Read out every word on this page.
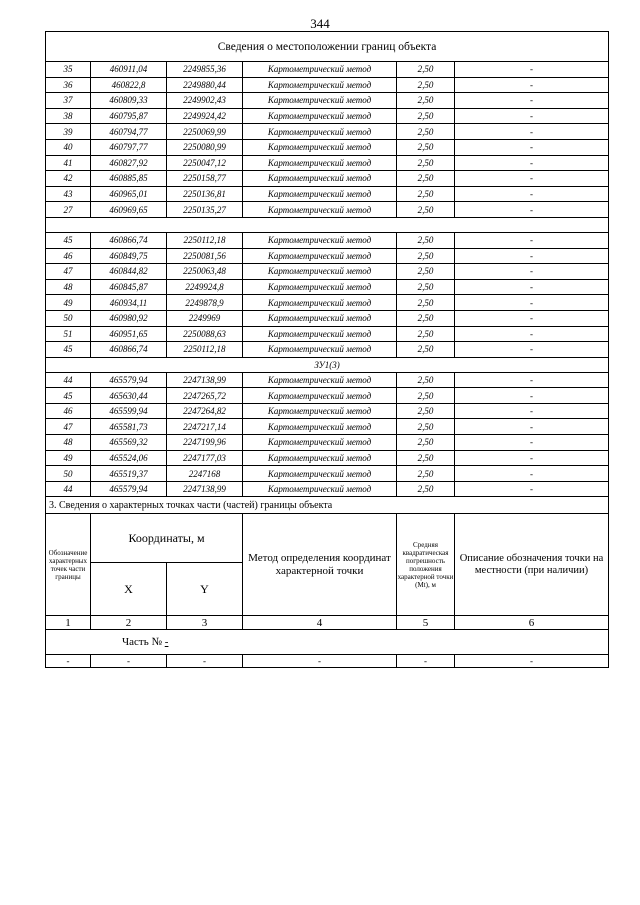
344
Сведения о местоположении границ объекта					
35	460911,04	2249855,36	Картометрический метод	2,50	-
36	460822,8	2249880,44	Картометрический метод	2,50	-
37	460809,33	2249902,43	Картометрический метод	2,50	-
38	460795,87	2249924,42	Картометрический метод	2,50	-
39	460794,77	2250069,99	Картометрический метод	2,50	-
40	460797,77	2250080,99	Картометрический метод	2,50	-
41	460827,92	2250047,12	Картометрический метод	2,50	-
42	460885,85	2250158,77	Картометрический метод	2,50	-
43	460965,01	2250136,81	Картометрический метод	2,50	-
27	460969,65	2250135,27	Картометрический метод	2,50	-

45	460866,74	2250112,18	Картометрический метод	2,50	-
46	460849,75	2250081,56	Картометрический метод	2,50	-
47	460844,82	2250063,48	Картометрический метод	2,50	-
48	460845,87	2249924,8	Картометрический метод	2,50	-
49	460934,11	2249878,9	Картометрический метод	2,50	-
50	460980,92	2249969	Картометрический метод	2,50	-
51	460951,65	2250088,63	Картометрический метод	2,50	-
45	460866,74	2250112,18	Картометрический метод	2,50	-
ЗУ1(3)					
44	465579,94	2247138,99	Картометрический метод	2,50	-
45	465630,44	2247265,72	Картометрический метод	2,50	-
46	465599,94	2247264,82	Картометрический метод	2,50	-
47	465581,73	2247217,14	Картометрический метод	2,50	-
48	465569,32	2247199,96	Картометрический метод	2,50	-
49	465524,06	2247177,03	Картометрический метод	2,50	-
50	465519,37	2247168	Картометрический метод	2,50	-
44	465579,94	2247138,99	Картометрический метод	2,50	-
3. Сведения о характерных точках части (частей) границы объекта					
Обозначение характерных точек части границы	Координаты, м		Метод определения координат характерной точки	Средняя квадратическая погрешность положения характерной точки (Mt), м	Описание обозначения точки на местности (при наличии)
	X	Y			
1	2	3	4	5	6
Часть № -					
-	-	-	-	-	-
